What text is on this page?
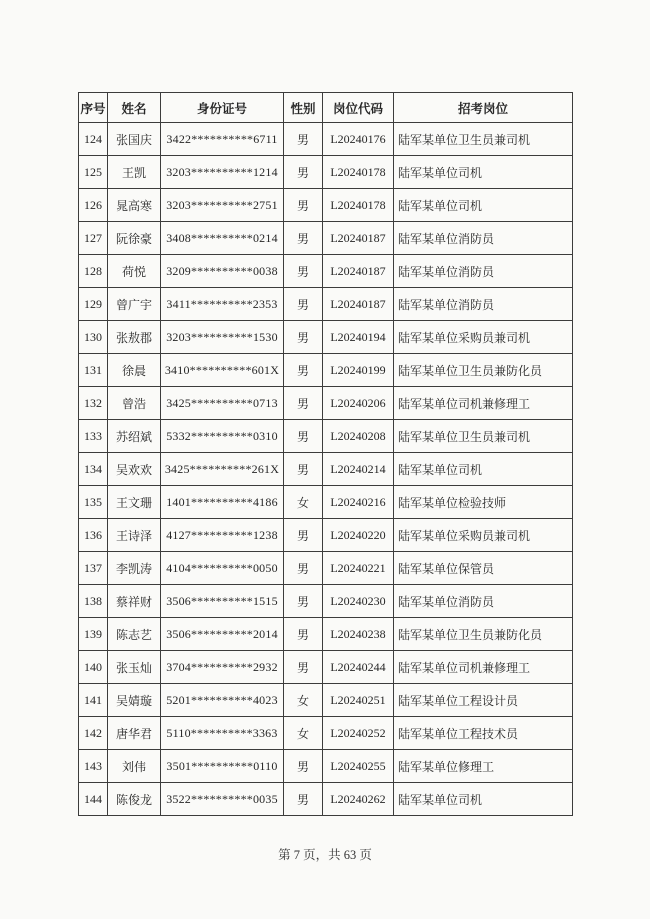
序号	姓名	身份证号	性别	岗位代码	招考岗位
124	张国庆	3422**********6711	男	L20240176	陆军某单位卫生员兼司机
125	王凯	3203**********1214	男	L20240178	陆军某单位司机
126	晁高寒	3203**********2751	男	L20240178	陆军某单位司机
127	阮徐豪	3408**********0214	男	L20240187	陆军某单位消防员
128	荷悦	3209**********0038	男	L20240187	陆军某单位消防员
129	曾广宇	3411**********2353	男	L20240187	陆军某单位消防员
130	张敖郡	3203**********1530	男	L20240194	陆军某单位采购员兼司机
131	徐晨	3410**********601X	男	L20240199	陆军某单位卫生员兼防化员
132	曾浩	3425**********0713	男	L20240206	陆军某单位司机兼修理工
133	苏绍斌	5332**********0310	男	L20240208	陆军某单位卫生员兼司机
134	吴欢欢	3425**********261X	男	L20240214	陆军某单位司机
135	王文珊	1401**********4186	女	L20240216	陆军某单位检验技师
136	王诗泽	4127**********1238	男	L20240220	陆军某单位采购员兼司机
137	李凯涛	4104**********0050	男	L20240221	陆军某单位保管员
138	蔡祥财	3506**********1515	男	L20240230	陆军某单位消防员
139	陈志艺	3506**********2014	男	L20240238	陆军某单位卫生员兼防化员
140	张玉灿	3704**********2932	男	L20240244	陆军某单位司机兼修理工
141	吴婧璇	5201**********4023	女	L20240251	陆军某单位工程设计员
142	唐华君	5110**********3363	女	L20240252	陆军某单位工程技术员
143	刘伟	3501**********0110	男	L20240255	陆军某单位修理工
144	陈俊龙	3522**********0035	男	L20240262	陆军某单位司机
第 7 页，共 63 页
